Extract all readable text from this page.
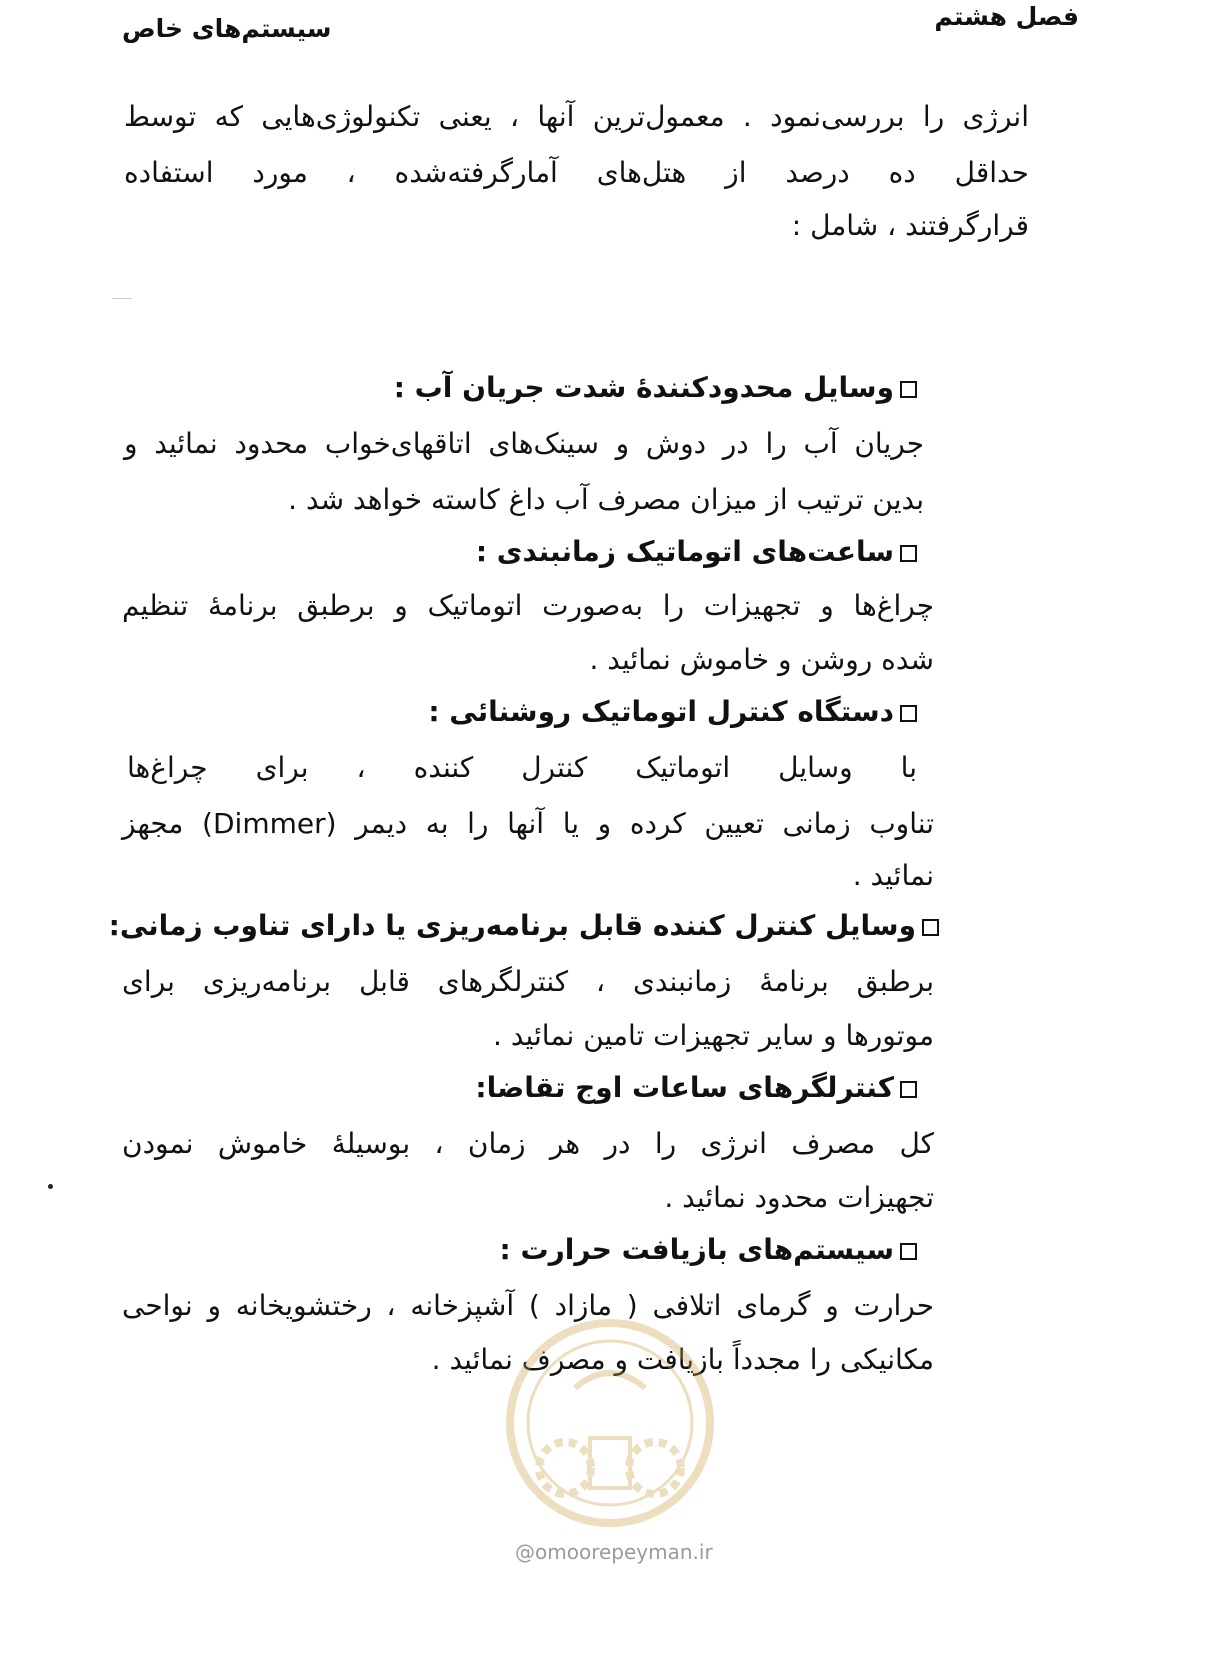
فصل هشتم
سیستم‌های خاص
انرژی را بررسی‌نمود . معمول‌ترین آنها ، یعنی تکنولوژی‌هایی که توسط
حداقل ده درصد از هتل‌های آمارگرفته‌شده ، مورد استفاده
قرارگرفتند ، شامل :
وسایل محدودکنندهٔ شدت جریان آب :
جریان آب را در دوش و سینک‌های اتاقهای‌خواب محدود نمائید و
بدین ترتیب از میزان مصرف آب داغ کاسته خواهد شد .
ساعت‌های اتوماتیک زمانبندی :
چراغ‌ها و تجهیزات را به‌صورت اتوماتیک و برطبق برنامهٔ تنظیم
شده روشن و خاموش نمائید .
دستگاه کنترل اتوماتیک روشنائی :
با وسایل اتوماتیک کنترل کننده ، برای چراغ‌ها
تناوب زمانی تعیین کرده و یا آنها را به دیمر (Dimmer) مجهز
نمائید .
وسایل کنترل کننده قابل برنامه‌ریزی یا دارای تناوب زمانی:
برطبق برنامهٔ زمانبندی ، کنترلگرهای قابل برنامه‌ریزی برای
موتورها و سایر تجهیزات تامین نمائید .
کنترلگرهای ساعات اوج تقاضا:
کل مصرف انرژی را در هر زمان ، بوسیلهٔ خاموش نمودن
تجهیزات محدود نمائید .
سیستم‌های بازیافت حرارت :
حرارت و گرمای اتلافی ( مازاد ) آشپزخانه ، رختشویخانه و نواحی
مکانیکی را مجدداً بازیافت و مصرف نمائید .
@omoorepeyman.ir
